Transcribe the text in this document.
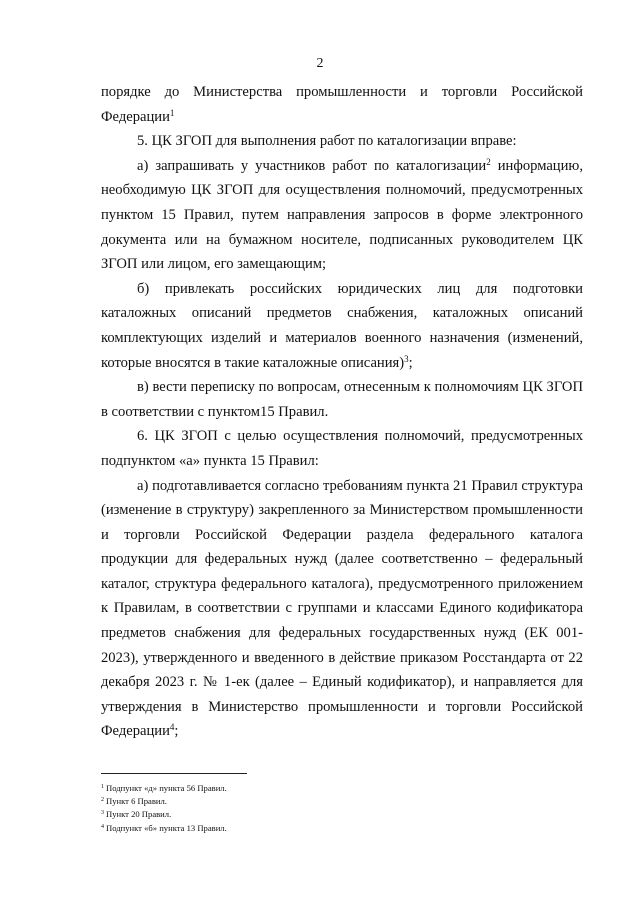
2

порядке до Министерства промышленности и торговли Российской Федерации$^1$

5. ЦК ЗГОП для выполнения работ по каталогизации вправе:

а) запрашивать у участников работ по каталогизации$^2$ информацию, необходимую ЦК ЗГОП для осуществления полномочий, предусмотренных пунктом 15 Правил, путем направления запросов в форме электронного документа или на бумажном носителе, подписанных руководителем ЦК ЗГОП или лицом, его замещающим;

б) привлекать российских юридических лиц для подготовки каталожных описаний предметов снабжения, каталожных описаний комплектующих изделий и материалов военного назначения (изменений, которые вносятся в такие каталожные описания)$^3$;

в) вести переписку по вопросам, отнесенным к полномочиям ЦК ЗГОП в соответствии с пунктом15 Правил.

6. ЦК ЗГОП с целью осуществления полномочий, предусмотренных подпунктом «а» пункта 15 Правил:

а) подготавливается согласно требованиям пункта 21 Правил структура (изменение в структуру) закрепленного за Министерством промышленности и торговли Российской Федерации раздела федерального каталога продукции для федеральных нужд (далее соответственно – федеральный каталог, структура федерального каталога), предусмотренного приложением к Правилам, в соответствии с группами и классами Единого кодификатора предметов снабжения для федеральных государственных нужд (ЕК 001-2023), утвержденного и введенного в действие приказом Росстандарта от 22 декабря 2023 г. № 1-ек (далее – Единый кодификатор), и направляется для утверждения в Министерство промышленности и торговли Российской Федерации$^4$;

$^1$ Подпункт «д» пункта 56 Правил.
$^2$ Пункт 6 Правил.
$^3$ Пункт 20 Правил.
$^4$ Подпункт «б» пункта 13 Правил.
